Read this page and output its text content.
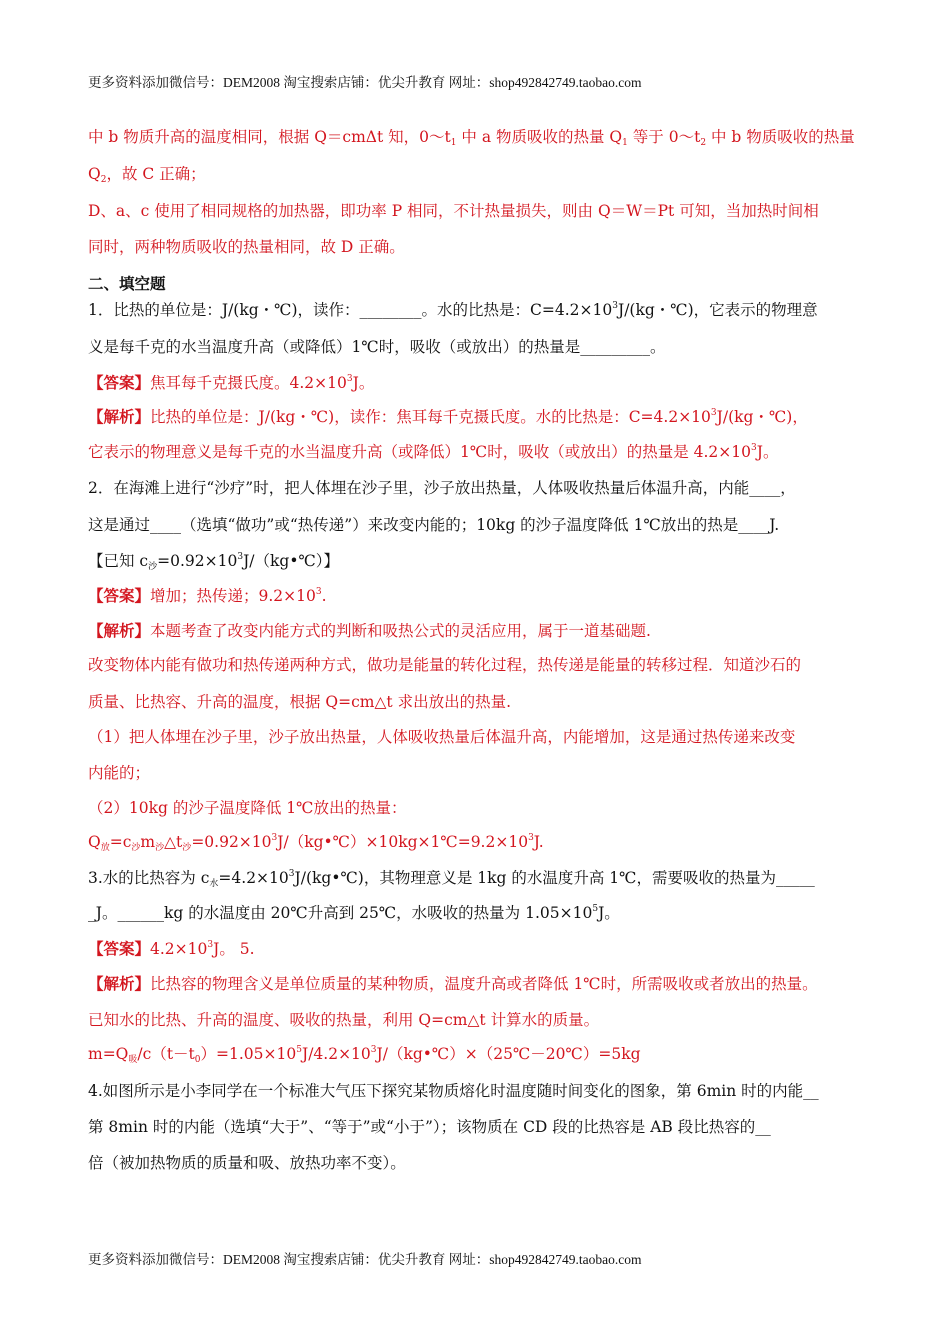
更多资料添加微信号：DEM2008 淘宝搜索店铺：优尖升教育 网址：shop492842749.taobao.com
中 b 物质升高的温度相同，根据 Q＝cmΔt 知，$0\sim t_1$ 中 a 物质吸收的热量 $Q_1$ 等于 $0\sim t_2$ 中 b 物质吸收的热量
$Q_2$，故 C 正确；
D、a、c 使用了相同规格的加热器，即功率 P 相同，不计热量损失，则由 Q＝W＝Pt 可知，当加热时间相
同时，两种物质吸收的热量相同，故 D 正确。
二、填空题
1．比热的单位是：J/(kg・℃)，读作：________。水的比热是：$C=4.2\times 10^3J/(kg$・℃)，它表示的物理意
义是每千克的水当温度升高（或降低）1℃时，吸收（或放出）的热量是_________。
【答案】焦耳每千克摄氏度。$4.2\times 10^3J$。
【解析】比热的单位是：J/(kg・℃)，读作：焦耳每千克摄氏度。水的比热是：$C=4.2\times 10^3J/(kg$・℃)，
它表示的物理意义是每千克的水当温度升高（或降低）1℃时，吸收（或放出）的热量是 $4.2\times 10^3J$。
2．在海滩上进行“沙疗”时，把人体埋在沙子里，沙子放出热量，人体吸收热量后体温升高，内能____，
这是通过____（选填“做功”或“热传递”）来改变内能的；10kg 的沙子温度降低 1℃放出的热是____J.
【已知 $c_沙=0.92\times 10^3J/(kg•℃)$】
【答案】增加；热传递；$9.2\times 10^3$.
【解析】本题考查了改变内能方式的判断和吸热公式的灵活应用，属于一道基础题.
改变物体内能有做功和热传递两种方式，做功是能量的转化过程，热传递是能量的转移过程．知道沙石的
质量、比热容、升高的温度，根据 Q=cm△t 求出放出的热量.
（1）把人体埋在沙子里，沙子放出热量，人体吸收热量后体温升高，内能增加，这是通过热传递来改变
内能的；
（2）10kg 的沙子温度降低 1℃放出的热量：
$Q_放=c_沙m_沙\triangle t_沙=0.92\times 10^3J/(kg•℃)\times 10kg\times 1℃=9.2\times 10^3J$.
3.水的比热容为 $c_水=4.2\times 10^3J/(kg•℃)$，其物理意义是 1kg 的水温度升高 1℃，需要吸收的热量为_____
_J。______kg 的水温度由 20℃升高到 25℃，水吸收的热量为 $1.05\times 10^5J$。
【答案】$4.2\times 10^3J$。 5.
【解析】比热容的物理含义是单位质量的某种物质，温度升高或者降低 1℃时，所需吸收或者放出的热量。
已知水的比热、升高的温度、吸收的热量，利用 Q=cm△t 计算水的质量。
$m=Q_吸/c(t-t_0)=1.05\times 10^5J/4.2\times 10^3J/(kg•℃)\times(25℃-20℃)=5kg$
4.如图所示是小李同学在一个标准大气压下探究某物质熔化时温度随时间变化的图象，第 6min 时的内能__
第 8min 时的内能（选填“大于”、“等于”或“小于”）；该物质在 CD 段的比热容是 AB 段比热容的__
倍（被加热物质的质量和吸、放热功率不变）。
更多资料添加微信号：DEM2008 淘宝搜索店铺：优尖升教育 网址：shop492842749.taobao.com
